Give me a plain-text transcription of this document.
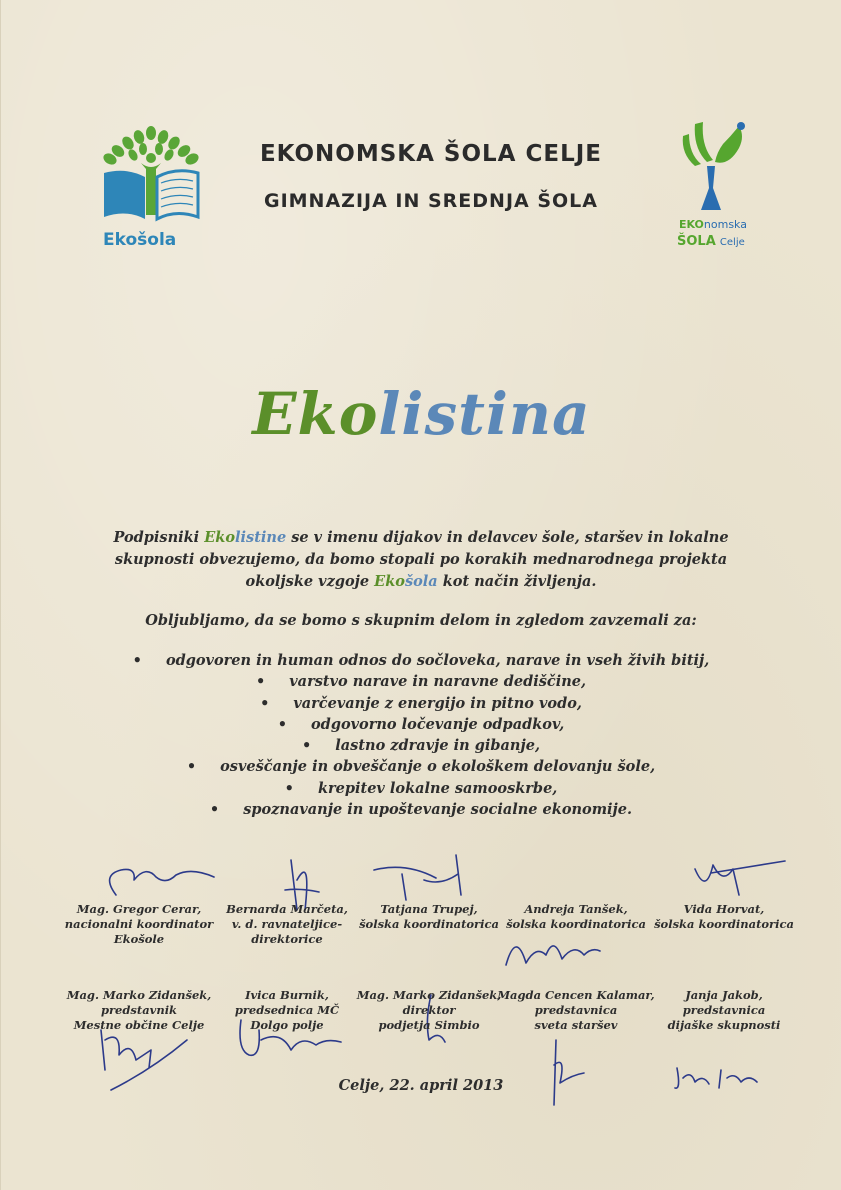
Ekošola
EKONOMSKA ŠOLA CELJE
GIMNAZIJA IN SREDNJA ŠOLA
EKOnomska
ŠOLA Celje
Ekolistina
Podpisniki Ekolistine se v imenu dijakov in delavcev šole, staršev in lokalne skupnosti obvezujemo, da bomo stopali po korakih mednarodnega projekta okoljske vzgoje Ekošola kot način življenja.
Obljubljamo, da se bomo s skupnim delom in zgledom zavzemali za:
• odgovoren in human odnos do sočloveka, narave in vseh živih bitij,
• varstvo narave in naravne dediščine,
• varčevanje z energijo in pitno vodo,
• odgovorno ločevanje odpadkov,
• lastno zdravje in gibanje,
• osveščanje in obveščanje o ekološkem delovanju šole,
• krepitev lokalne samooskrbe,
• spoznavanje in upoštevanje socialne ekonomije.
Mag. Gregor Cerar,
nacionalni koordinator
Ekošole
Bernarda Marčeta,
v. d. ravnateljice-
direktorice
Tatjana Trupej,
šolska koordinatorica
Andreja Tanšek,
šolska koordinatorica
Vida Horvat,
šolska koordinatorica
Mag. Marko Zidanšek,
predstavnik
Mestne občine Celje
Ivica Burnik,
predsednica MČ
Dolgo polje
Mag. Marko Zidanšek,
direktor
podjetja Simbio
Magda Cencen Kalamar,
predstavnica
sveta staršev
Janja Jakob,
predstavnica
dijaške skupnosti
Celje, 22. april 2013
